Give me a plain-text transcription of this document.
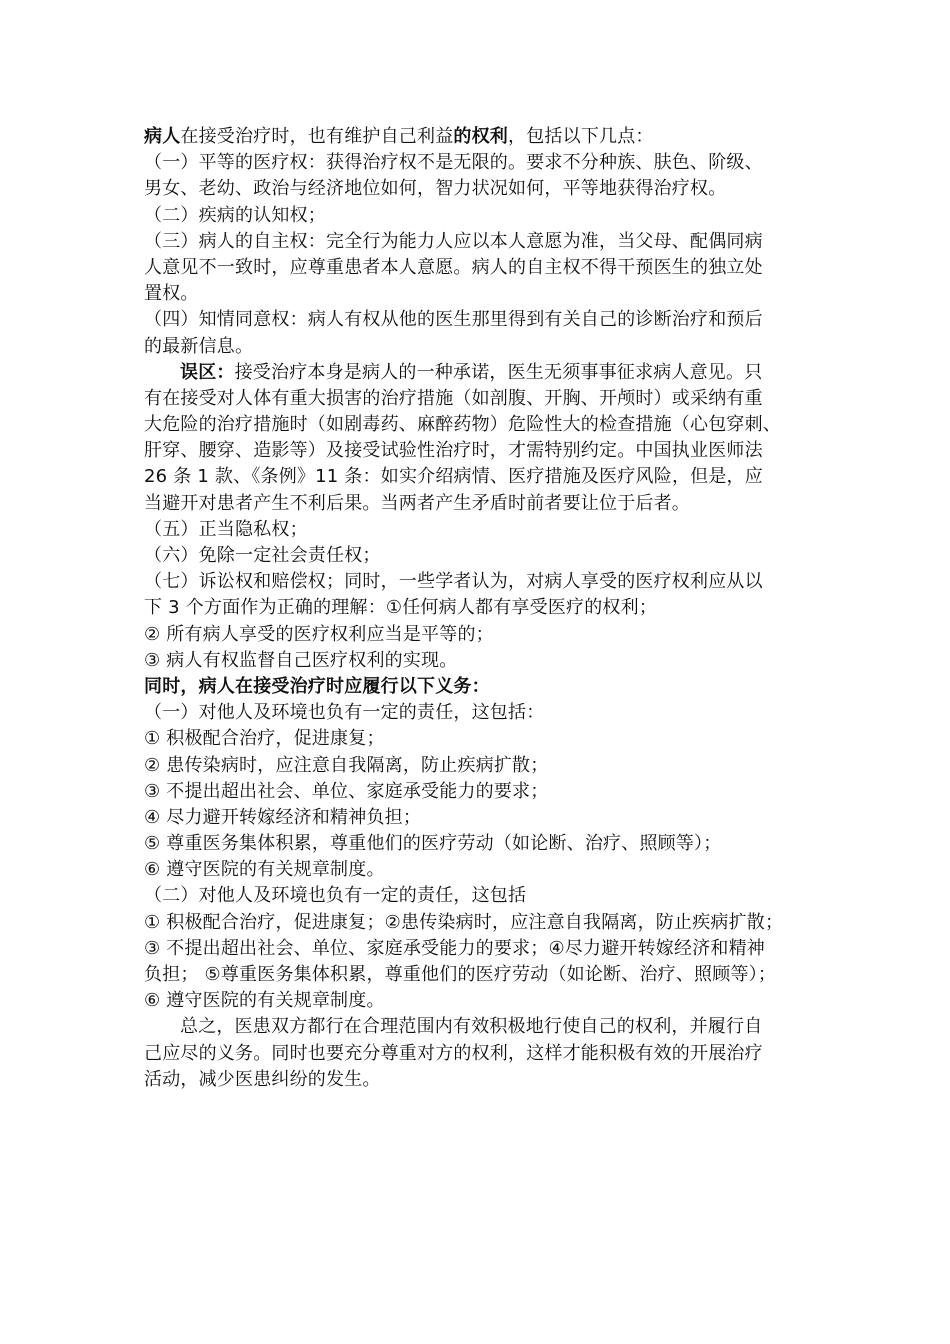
病人在接受治疗时，也有维护自己利益的权利，包括以下几点：
（一）平等的医疗权：获得治疗权不是无限的。要求不分种族、肤色、阶级、
男女、老幼、政治与经济地位如何，智力状况如何，平等地获得治疗权。
（二）疾病的认知权；
（三）病人的自主权：完全行为能力人应以本人意愿为准，当父母、配偶同病
人意见不一致时，应尊重患者本人意愿。病人的自主权不得干预医生的独立处
置权。
（四）知情同意权：病人有权从他的医生那里得到有关自己的诊断治疗和预后
的最新信息。
误区：接受治疗本身是病人的一种承诺，医生无须事事征求病人意见。只
有在接受对人体有重大损害的治疗措施（如剖腹、开胸、开颅时）或采纳有重
大危险的治疗措施时（如剧毒药、麻醉药物）危险性大的检查措施（心包穿刺、
肝穿、腰穿、造影等）及接受试验性治疗时，才需特别约定。中国执业医师法
26 条 1 款、《条例》11 条：如实介绍病情、医疗措施及医疗风险，但是，应
当避开对患者产生不利后果。当两者产生矛盾时前者要让位于后者。
（五）正当隐私权；
（六）免除一定社会责任权；
（七）诉讼权和赔偿权；同时，一些学者认为，对病人享受的医疗权利应从以
下 3 个方面作为正确的理解：①任何病人都有享受医疗的权利；
② 所有病人享受的医疗权利应当是平等的；
③ 病人有权监督自己医疗权利的实现。
同时，病人在接受治疗时应履行以下义务：
（一）对他人及环境也负有一定的责任，这包括：
① 积极配合治疗，促进康复；
② 患传染病时，应注意自我隔离，防止疾病扩散；
③ 不提出超出社会、单位、家庭承受能力的要求；
④ 尽力避开转嫁经济和精神负担；
⑤ 尊重医务集体积累，尊重他们的医疗劳动（如论断、治疗、照顾等）；
⑥ 遵守医院的有关规章制度。
（二）对他人及环境也负有一定的责任，这包括
① 积极配合治疗，促进康复；②患传染病时，应注意自我隔离，防止疾病扩散；
③ 不提出超出社会、单位、家庭承受能力的要求；④尽力避开转嫁经济和精神
负担； ⑤尊重医务集体积累，尊重他们的医疗劳动（如论断、治疗、照顾等）；
⑥ 遵守医院的有关规章制度。
总之，医患双方都行在合理范围内有效积极地行使自己的权利，并履行自
己应尽的义务。同时也要充分尊重对方的权利，这样才能积极有效的开展治疗
活动，减少医患纠纷的发生。
